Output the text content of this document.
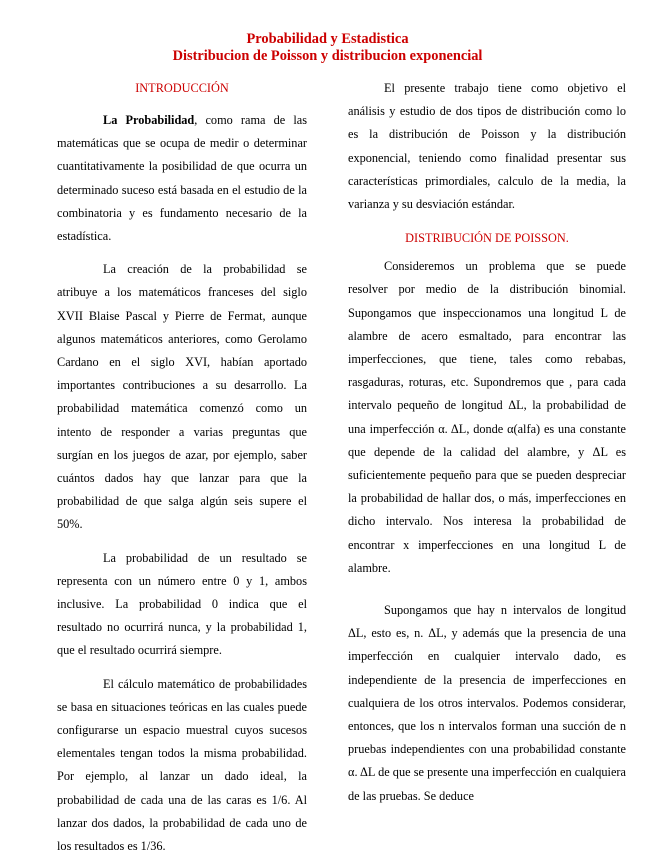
Probabilidad y Estadistica
Distribucion de Poisson y distribucion exponencial
INTRODUCCIÓN

La Probabilidad, como rama de las matemáticas que se ocupa de medir o determinar cuantitativamente la posibilidad de que ocurra un determinado suceso está basada en el estudio de la combinatoria y es fundamento necesario de la estadística.

La creación de la probabilidad se atribuye a los matemáticos franceses del siglo XVII Blaise Pascal y Pierre de Fermat, aunque algunos matemáticos anteriores, como Gerolamo Cardano en el siglo XVI, habían aportado importantes contribuciones a su desarrollo. La probabilidad matemática comenzó como un intento de responder a varias preguntas que surgían en los juegos de azar, por ejemplo, saber cuántos dados hay que lanzar para que la probabilidad de que salga algún seis supere el 50%.

La probabilidad de un resultado se representa con un número entre 0 y 1, ambos inclusive. La probabilidad 0 indica que el resultado no ocurrirá nunca, y la probabilidad 1, que el resultado ocurrirá siempre.

El cálculo matemático de probabilidades se basa en situaciones teóricas en las cuales puede configurarse un espacio muestral cuyos sucesos elementales tengan todos la misma probabilidad. Por ejemplo, al lanzar un dado ideal, la probabilidad de cada una de las caras es 1/6. Al lanzar dos dados, la probabilidad de cada uno de los resultados es 1/36.

El presente trabajo tiene como objetivo el análisis y estudio de dos tipos de distribución como lo es la distribución de Poisson y la distribución exponencial, teniendo como finalidad presentar sus características primordiales, calculo de la media, la varianza y su desviación estándar.

DISTRIBUCIÓN DE POISSON.

Consideremos un problema que se puede resolver por medio de la distribución binomial. Supongamos que inspeccionamos una longitud L de alambre de acero esmaltado, para encontrar las imperfecciones, que tiene, tales como rebabas, rasgaduras, roturas, etc. Supondremos que , para cada intervalo pequeño de longitud ΔL, la probabilidad de una imperfección α. ΔL, donde α(alfa) es una constante que depende de la calidad del alambre, y ΔL es suficientemente pequeño para que se pueden despreciar la probabilidad de hallar dos, o más, imperfecciones en dicho intervalo. Nos interesa la probabilidad de encontrar x imperfecciones en una longitud L de alambre.

Supongamos que hay n intervalos de longitud ΔL, esto es, n. ΔL, y además que la presencia de una imperfección en cualquier intervalo dado, es independiente de la presencia de imperfecciones en cualquiera de los otros intervalos. Podemos considerar, entonces, que los n intervalos forman una succión de n pruebas independientes con una probabilidad constante α. ΔL de que se presente una imperfección en cualquiera de las pruebas. Se deduce
